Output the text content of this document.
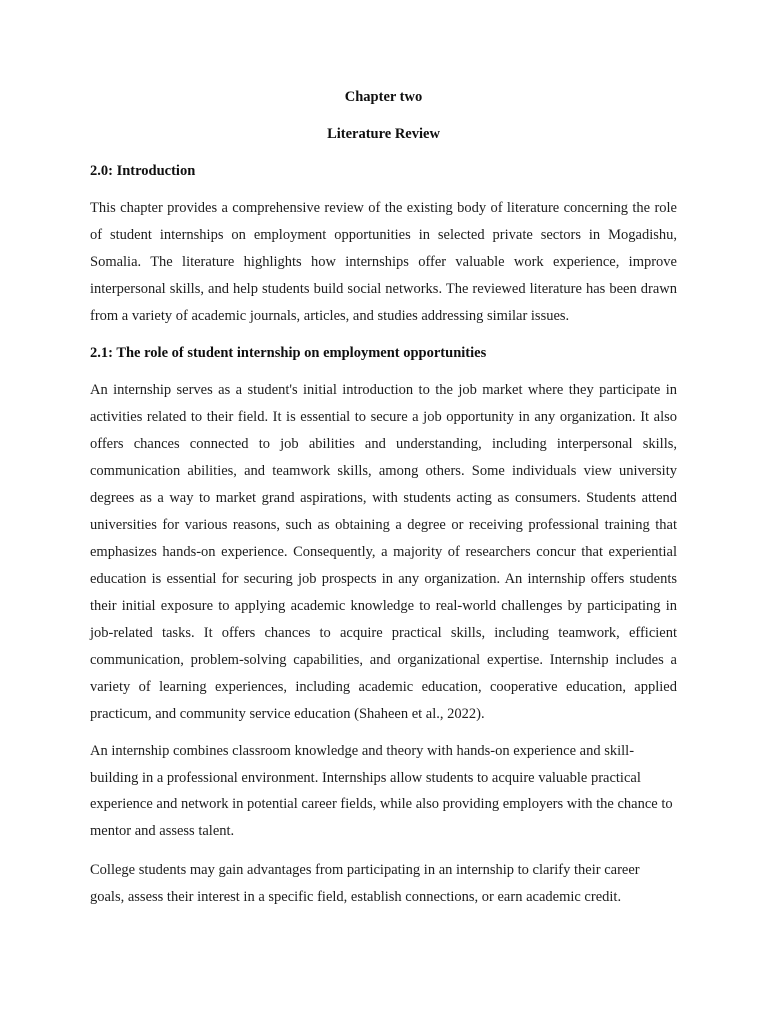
Chapter two
Literature Review
2.0: Introduction

This chapter provides a comprehensive review of the existing body of literature concerning the role of student internships on employment opportunities in selected private sectors in Mogadishu, Somalia. The literature highlights how internships offer valuable work experience, improve interpersonal skills, and help students build social networks. The reviewed literature has been drawn from a variety of academic journals, articles, and studies addressing similar issues.

2.1: The role of student internship on employment opportunities

An internship serves as a student's initial introduction to the job market where they participate in activities related to their field. It is essential to secure a job opportunity in any organization. It also offers chances connected to job abilities and understanding, including interpersonal skills, communication abilities, and teamwork skills, among others. Some individuals view university degrees as a way to market grand aspirations, with students acting as consumers. Students attend universities for various reasons, such as obtaining a degree or receiving professional training that emphasizes hands-on experience. Consequently, a majority of researchers concur that experiential education is essential for securing job prospects in any organization. An internship offers students their initial exposure to applying academic knowledge to real-world challenges by participating in job-related tasks. It offers chances to acquire practical skills, including teamwork, efficient communication, problem-solving capabilities, and organizational expertise. Internship includes a variety of learning experiences, including academic education, cooperative education, applied practicum, and community service education (Shaheen et al., 2022).

An internship combines classroom knowledge and theory with hands-on experience and skill-building in a professional environment. Internships allow students to acquire valuable practical experience and network in potential career fields, while also providing employers with the chance to mentor and assess talent.

College students may gain advantages from participating in an internship to clarify their career goals, assess their interest in a specific field, establish connections, or earn academic credit.
